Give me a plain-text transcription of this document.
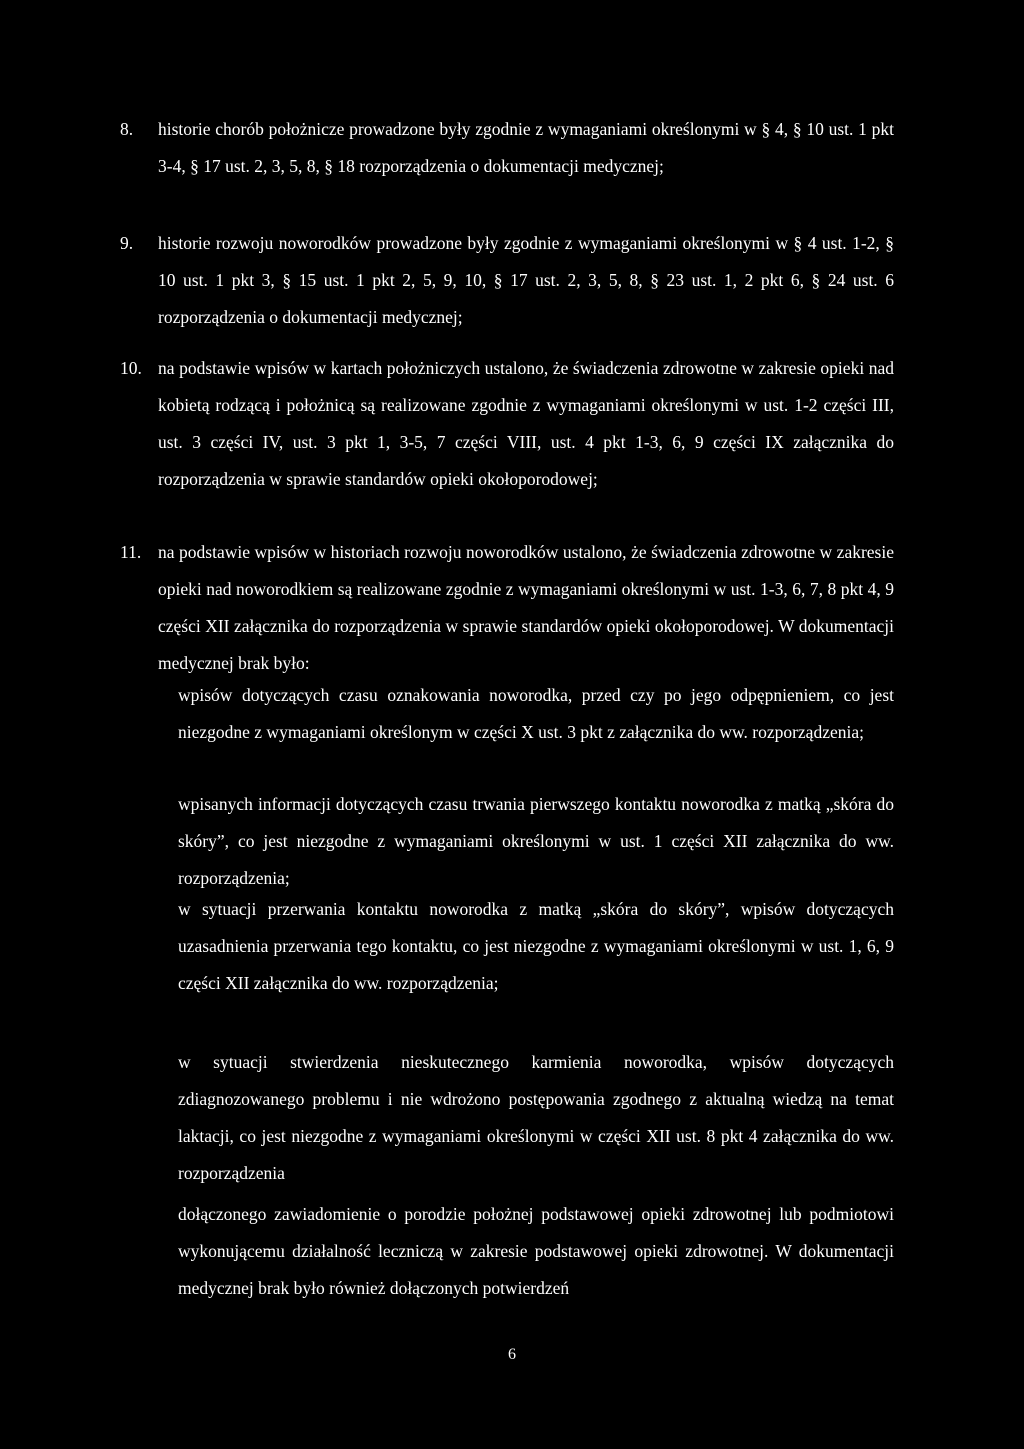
8. historie chorób położnicze prowadzone były zgodnie z wymaganiami określonymi w § 4, § 10 ust. 1 pkt 3-4, § 17 ust. 2, 3, 5, 8, § 18 rozporządzenia o dokumentacji medycznej;
9. historie rozwoju noworodków prowadzone były zgodnie z wymaganiami określonymi w § 4 ust. 1-2, § 10 ust. 1 pkt 3, § 15 ust. 1 pkt 2, 5, 9, 10, § 17 ust. 2, 3, 5, 8, § 23 ust. 1, 2 pkt 6, § 24 ust. 6 rozporządzenia o dokumentacji medycznej;
10. na podstawie wpisów w kartach położniczych ustalono, że świadczenia zdrowotne w zakresie opieki nad kobietą rodzącą i położnicą są realizowane zgodnie z wymaganiami określonymi w ust. 1-2 części III, ust. 3 części IV, ust. 3 pkt 1, 3-5, 7 części VIII, ust. 4 pkt 1-3, 6, 9 części IX załącznika do rozporządzenia w sprawie standardów opieki okołoporodowej;
11. na podstawie wpisów w historiach rozwoju noworodków ustalono, że świadczenia zdrowotne w zakresie opieki nad noworodkiem są realizowane zgodnie z wymaganiami określonymi w ust. 1-3, 6, 7, 8 pkt 4, 9 części XII załącznika do rozporządzenia w sprawie standardów opieki okołoporodowej. W dokumentacji medycznej brak było:
wpisów dotyczących czasu oznakowania noworodka, przed czy po jego odpępnieniem, co jest niezgodne z wymaganiami określonym w części X ust. 3 pkt z załącznika do ww. rozporządzenia;
wpisanych informacji dotyczących czasu trwania pierwszego kontaktu noworodka z matką „skóra do skóry”, co jest niezgodne z wymaganiami określonymi w ust. 1 części XII załącznika do ww. rozporządzenia;
w sytuacji przerwania kontaktu noworodka z matką „skóra do skóry”, wpisów dotyczących uzasadnienia przerwania tego kontaktu, co jest niezgodne z wymaganiami określonymi w ust. 1, 6, 9 części XII załącznika do ww. rozporządzenia;
w sytuacji stwierdzenia nieskutecznego karmienia noworodka, wpisów dotyczących zdiagnozowanego problemu i nie wdrożono postępowania zgodnego z aktualną wiedzą na temat laktacji, co jest niezgodne z wymaganiami określonymi w części XII ust. 8 pkt 4 załącznika do ww. rozporządzenia
dołączonego zawiadomienie o porodzie położnej podstawowej opieki zdrowotnej lub podmiotowi wykonującemu działalność leczniczą w zakresie podstawowej opieki zdrowotnej. W dokumentacji medycznej brak było również dołączonych potwierdzeń
6
